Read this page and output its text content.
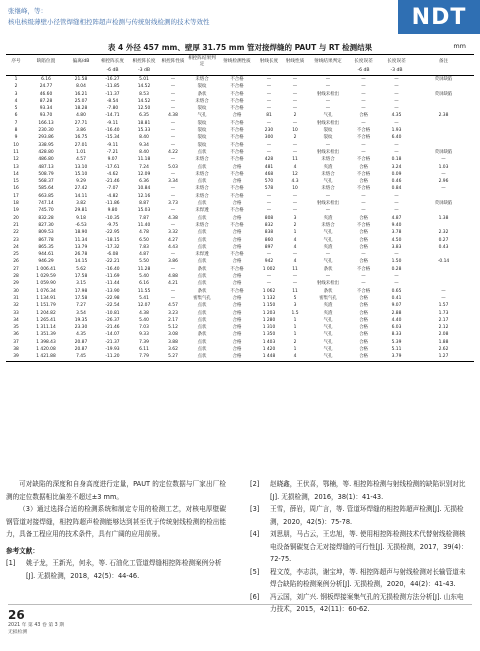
张继峰，等：
核电核级薄壁小径管焊缝相控阵超声检测与传统射线检测的技术等效性	NDT
表 4 外径 457 mm、壁厚 31.75 mm 管对接焊缝的 PAUT 与 RT 检测结果	mm
序号	缺陷位置	偏离/dB	相控阵长度	相控阵长度	相控阵性质	相控阵结果判定	射线检测性质	射线长度	射线性质	射线结果判定	长度误差	长度误差	备注	
			-6 dB	-3 dB							-6 dB	-3 dB		
1	6.16	21.58	-16.27	5.01	—	未熔合	不合格	—	—	—	—	—	荧屏缺陷	
2	24.77	8.04	-11.85	14.52	—	裂纹	不合格	—	—	—	—	—		
3	46.60	16.21	-11.37	8.53	—	条状	不合格	—	—	射线未检出	—	—	荧屏缺陷	
4	87.28	25.07	-8.54	14.52	—	未熔合	不合格	—	—	—	—	—		
5	93.34	18.28	-7.80	12.50	—	裂纹	不合格	—	—	—	—	—		
6	93.70	4.80	-14.71	6.35	4.38	气孔	合格	81	2	气孔	合格	4.35	2.38	
7	166.13	27.71	-9.11	18.81	—	裂纹	不合格	—	—	射线未检出	—	—		
8	230.30	3.86	-16.40	15.33	—	裂纹	不合格	230	10	裂纹	不合格	1.93		
9	293.86	16.75	-15.34	8.40	—	裂纹	不合格	300	2	裂纹	不合格	6.40		
10	338.95	27.01	-9.11	9.34	—	裂纹	不合格	—	—	—	—	—		
11	428.80	1.01	-7.21	8.40	4.22	点状	不合格	—	—	射线未检出	—	—	荧屏缺陷	
12	486.80	4.57	9.07	11.18	—	未熔合	不合格	428	11	未熔合	不合格	0.18	—	
13	487.13	13.10	-17.61	7.24	5.03	点状	合格	481	4	夹渣	合格	3.24	1.03	
14	508.79	15.10	-4.62	12.09	—	未熔合	不合格	468	12	未熔合	不合格	0.09	—	
15	568.37	9.29	-21.46	6.36	3.34	点状	合格	570	4.3	气孔	合格	0.46	2.96	
16	585.64	27.42	-7.07	10.84	—	未熔合	不合格	578	10	未熔合	不合格	0.84	—	
17	663.85	14.11	-4.82	12.16	—	未熔合	不合格	—	—	—	—	—		
18	747.14	3.82	-11.86	8.87	3.73	点状	合格	—	—	射线未检出	—	—	荧屏缺陷	
19	745.70	29.81	9.80	15.03	—	未焊透	不合格	—	—	—	—	—		
20	832.28	9.18	-10.35	7.87	4.38	点状	合格	808	3	夹渣	合格	4.87	1.38	
21	827.30	-6.53	-9.75	11.40	—	未熔合	不合格	832	2	未熔合	不合格	9.40		
22	809.53	18.90	-22.95	4.78	3.32	点状	合格	838	1	气孔	合格	3.78	2.32	
23	867.78	11.34	-18.15	6.50	4.27	点状	合格	860	4	气孔	合格	4.50	0.27	
24	865.35	13.79	-17.32	7.83	4.43	点状	合格	897	4	夹渣	合格	3.83	0.43	
25	944.61	26.78	-6.08	4.87	—	未焊透	不合格	—	—	—	—	—		
26	946.29	14.15	-22.21	5.50	3.86	点状	合格	942	4	气孔	合格	1.50	-0.14	
27	1 006.41	5.62	-16.40	11.28	—	条状	不合格	1 002	11	条状	不合格	0.28		
28	1 029.59	17.58	-11.69	5.40	4.88	点状	合格	—	—	—	—	—		
29	1 059.90	3.15	-11.44	6.16	4.21	点状	合格	—	—	射线未检出	—	—		
30	1 076.34	17.98	-13.90	11.55	—	条状	不合格	1 062	11	条状	不合格	0.65	—	
31	1 134.91	17.58	-22.98	5.41	—	密集气孔	合格	1 132	5	密集气孔	合格	0.41	—	
32	1 151.79	7.27	-22.54	12.07	4.57	点状	合格	1 150	3	夹渣	合格	9.07	1.57	
33	1 204.82	3.54	-10.81	4.38	3.23	点状	合格	1 203	1.5	夹渣	合格	2.88	1.73	
34	1 265.41	19.35	-26.37	5.40	2.17	点状	合格	1 280	1	气孔	合格	4.40	2.17	
35	1 311.14	23.30	-21.46	7.03	5.12	点状	合格	1 310	1	气孔	合格	6.03	2.12	
36	1 351.39	4.35	-14.07	9.33	3.08	条状	合格	1 350	1	气孔	合格	8.33	2.08	
37	1 398.43	20.87	-21.37	7.39	3.88	点状	合格	1 403	2	气孔	合格	5.39	1.88	
38	1 420.08	20.87	-19.93	6.11	3.62	点状	合格	1 420	1	气孔	合格	5.11	2.62	
39	1 421.88	7.45	-11.20	7.79	5.27	点状	合格	1 448	4	气孔	合格	3.79	1.27	

可对缺陷的深度和自身高度进行定量，PAUT 的定位数据与厂家出厂检测的定位数据相比偏差不超过±3 mm。

（3）通过选择合适的检测系统和制定专用的检测工艺，对核电厚壁碳钢管道对接焊缝，相控阵超声检测能够达到甚至优于传统射线检测的检出能力，具备工程应用的技术条件，具有广阔的应用前景。

参考文献：
[1]	姚子龙，王新光，何永，等. 石油化工管道焊缝相控阵检测案例分析[J]. 无损检测，2018，42(5)：44-46.
[2]	赵晓鑫，王伏喜，鄂楠，等. 相控阵检测与射线检测的缺陷识别对比[J]. 无损检测，2016，38(1)：41-43.
[3]	王雪，薛岩，周广言，等. 管道环焊缝的相控阵超声检测[J]. 无损检测，2020，42(5)：75-78.
[4]	刘思朋，马占云，王忠旭，等. 使用相控阵检测技术代替射线检测核电设备铜碳复合无对接焊缝的可行性[J]. 无损检测，2017，39(4)：72-75.
[5]	程文茂，李志洪，谢宝坤，等. 相控阵超声与射线检测对长输管道未焊合缺陷的检测案例分析[J]. 无损检测，2020，44(2)：41-43.
[6]	冯云国，刘广兴. 钢板焊接案集气孔的无损检测方法分析[J]. 山东电力技术，2015，42(11)：60-62.
26
2021 年 第 43 卷 第 3 期
无损检测
